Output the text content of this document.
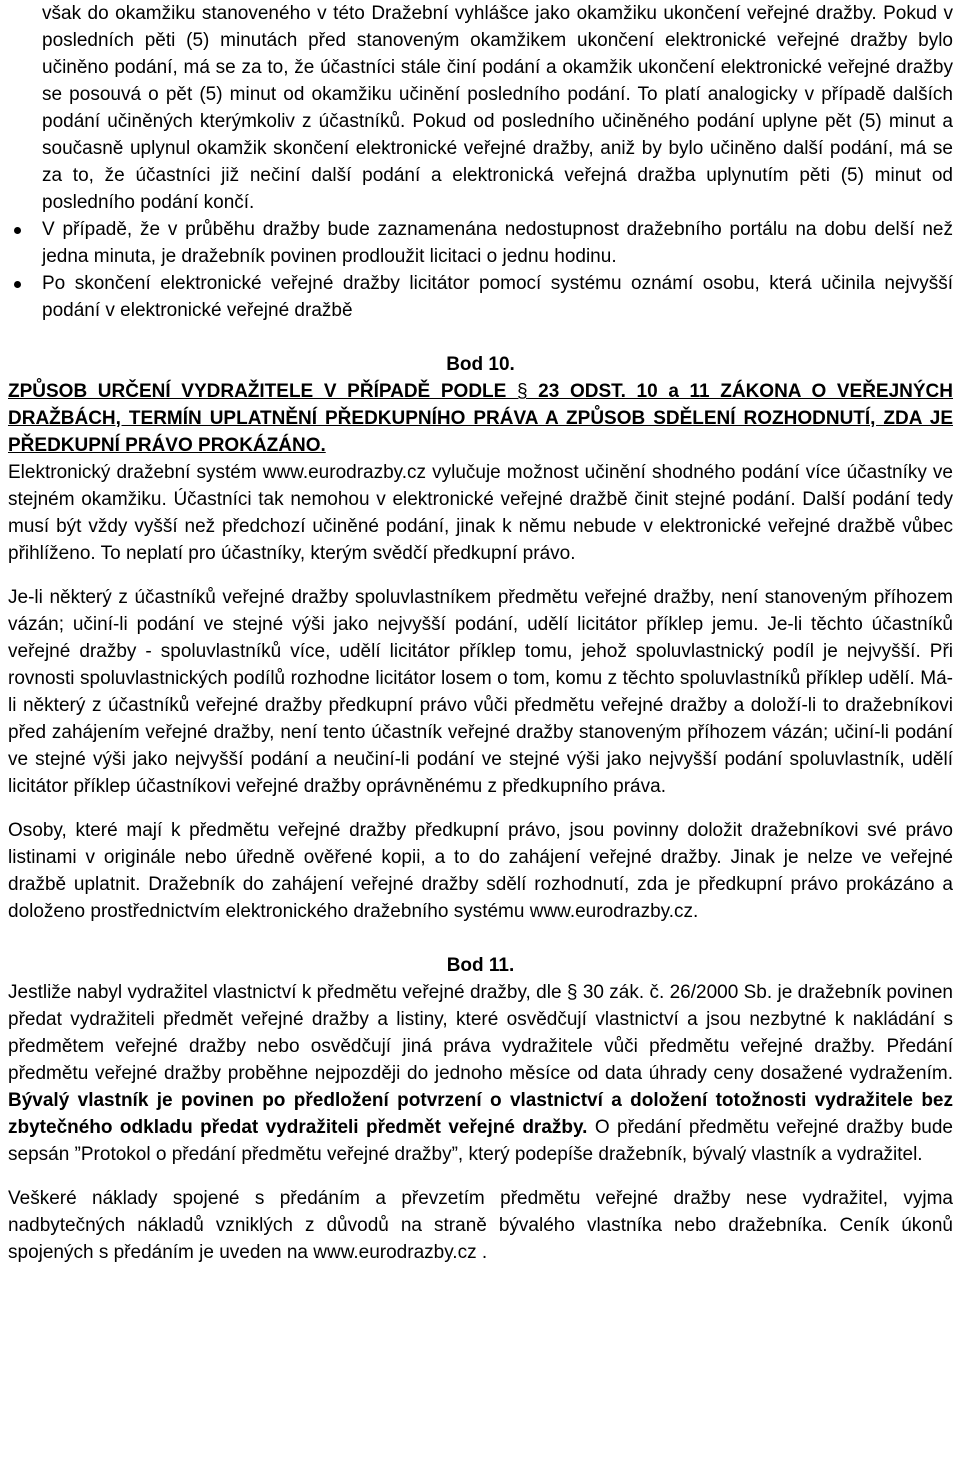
však do okamžiku stanoveného v této Dražební vyhlášce jako okamžiku ukončení veřejné dražby. Pokud v posledních pěti (5) minutách před stanoveným okamžikem ukončení elektronické veřejné dražby bylo učiněno podání, má se za to, že účastníci stále činí podání a okamžik ukončení elektronické veřejné dražby se posouvá o pět (5) minut od okamžiku učinění posledního podání. To platí analogicky v případě dalších podání učiněných kterýmkoliv z účastníků. Pokud od posledního učiněného podání uplyne pět (5) minut a současně uplynul okamžik skončení elektronické veřejné dražby, aniž by bylo učiněno další podání, má se za to, že účastníci již nečiní další podání a elektronická veřejná dražba uplynutím pěti (5) minut od posledního podání končí.
V případě, že v průběhu dražby bude zaznamenána nedostupnost dražebního portálu na dobu delší než jedna minuta, je dražebník povinen prodloužit licitaci o jednu hodinu.
Po skončení elektronické veřejné dražby licitátor pomocí systému oznámí osobu, která učinila nejvyšší podání v elektronické veřejné dražbě

Bod 10.

ZPŮSOB URČENÍ VYDRAŽITELE V PŘÍPADĚ PODLE § 23 ODST. 10 a 11 ZÁKONA O VEŘEJNÝCH DRAŽBÁCH, TERMÍN UPLATNĚNÍ PŘEDKUPNÍHO PRÁVA A ZPŮSOB SDĚLENÍ ROZHODNUTÍ, ZDA JE PŘEDKUPNÍ PRÁVO PROKÁZÁNO.

Elektronický dražební systém www.eurodrazby.cz vylučuje možnost učinění shodného podání více účastníky ve stejném okamžiku. Účastníci tak nemohou v elektronické veřejné dražbě činit stejné podání. Další podání tedy musí být vždy vyšší než předchozí učiněné podání, jinak k němu nebude v elektronické veřejné dražbě vůbec přihlíženo. To neplatí pro účastníky, kterým svědčí předkupní právo.

Je-li některý z účastníků veřejné dražby spoluvlastníkem předmětu veřejné dražby, není stanoveným příhozem vázán; učiní-li podání ve stejné výši jako nejvyšší podání, udělí licitátor příklep jemu. Je-li těchto účastníků veřejné dražby - spoluvlastníků více, udělí licitátor příklep tomu, jehož spoluvlastnický podíl je nejvyšší. Při rovnosti spoluvlastnických podílů rozhodne licitátor losem o tom, komu z těchto spoluvlastníků příklep udělí. Má-li některý z účastníků veřejné dražby předkupní právo vůči předmětu veřejné dražby a doloží-li to dražebníkovi před zahájením veřejné dražby, není tento účastník veřejné dražby stanoveným příhozem vázán; učiní-li podání ve stejné výši jako nejvyšší podání a neučiní-li podání ve stejné výši jako nejvyšší podání spoluvlastník, udělí licitátor příklep účastníkovi veřejné dražby oprávněnému z předkupního práva.

Osoby, které mají k předmětu veřejné dražby předkupní právo, jsou povinny doložit dražebníkovi své právo listinami v originále nebo úředně ověřené kopii, a to do zahájení veřejné dražby. Jinak je nelze ve veřejné dražbě uplatnit. Dražebník do zahájení veřejné dražby sdělí rozhodnutí, zda je předkupní právo prokázáno a doloženo prostřednictvím elektronického dražebního systému www.eurodrazby.cz.

Bod 11.

Jestliže nabyl vydražitel vlastnictví k předmětu veřejné dražby, dle § 30 zák. č. 26/2000 Sb. je dražebník povinen předat vydražiteli předmět veřejné dražby a listiny, které osvědčují vlastnictví a jsou nezbytné k nakládání s předmětem veřejné dražby nebo osvědčují jiná práva vydražitele vůči předmětu veřejné dražby. Předání předmětu veřejné dražby proběhne nejpozději do jednoho měsíce od data úhrady ceny dosažené vydražením. Bývalý vlastník je povinen po předložení potvrzení o vlastnictví a doložení totožnosti vydražitele bez zbytečného odkladu předat vydražiteli předmět veřejné dražby. O předání předmětu veřejné dražby bude sepsán ”Protokol o předání předmětu veřejné dražby”, který podepíše dražebník, bývalý vlastník a vydražitel.

Veškeré náklady spojené s předáním a převzetím předmětu veřejné dražby nese vydražitel, vyjma nadbytečných nákladů vzniklých z důvodů na straně bývalého vlastníka nebo dražebníka. Ceník úkonů spojených s předáním je uveden na www.eurodrazby.cz .
